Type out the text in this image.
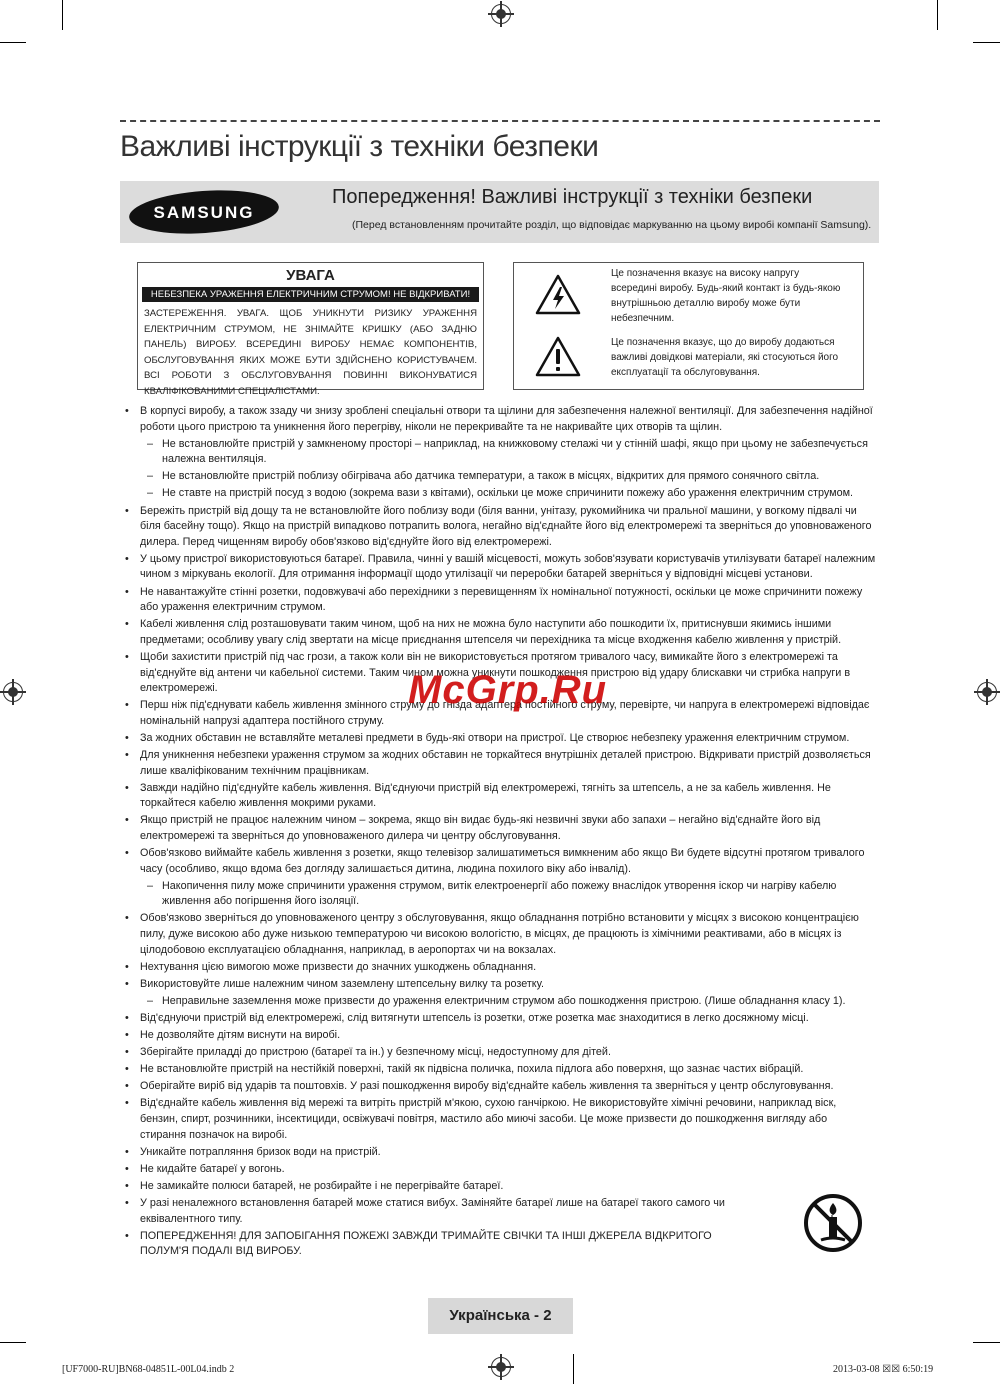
Важливі інструкції з техніки безпеки
SAMSUNG
Попередження! Важливі інструкції з техніки безпеки
(Перед встановленням прочитайте розділ, що відповідає маркуванню на цьому виробі компанії Samsung).
УВАГА
НЕБЕЗПЕКА УРАЖЕННЯ ЕЛЕКТРИЧНИМ СТРУМОМ! НЕ ВІДКРИВАТИ!
ЗАСТЕРЕЖЕННЯ. УВАГА. ЩОБ УНИКНУТИ РИЗИКУ УРАЖЕННЯ ЕЛЕКТРИЧНИМ СТРУМОМ, НЕ ЗНІМАЙТЕ КРИШКУ (АБО ЗАДНЮ ПАНЕЛЬ) ВИРОБУ. ВСЕРЕДИНІ ВИРОБУ НЕМАЄ КОМПОНЕНТІВ, ОБСЛУГОВУВАННЯ ЯКИХ МОЖЕ БУТИ ЗДІЙСНЕНО КОРИСТУВАЧЕМ. ВСІ РОБОТИ З ОБСЛУГОВУВАННЯ ПОВИННІ ВИКОНУВАТИСЯ КВАЛІФІКОВАНИМИ СПЕЦІАЛІСТАМИ.
Це позначення вказує на високу напругу всередині виробу. Будь-який контакт із будь-якою внутрішньою деталлю виробу може бути небезпечним.
Це позначення вказує, що до виробу додаються важливі довідкові матеріали, які стосуються його експлуатації та обслуговування.
• В корпусі виробу, а також ззаду чи знизу зроблені спеціальні отвори та щілини для забезпечення належної вентиляції. Для забезпечення надійної роботи цього пристрою та уникнення його перегріву, ніколи не перекривайте та не накривайте цих отворів та щілин.
– Не встановлюйте пристрій у замкненому просторі – наприклад, на книжковому стелажі чи у стінній шафі, якщо при цьому не забезпечується належна вентиляція.
– Не встановлюйте пристрій поблизу обігрівача або датчика температури, а також в місцях, відкритих для прямого сонячного світла.
– Не ставте на пристрій посуд з водою (зокрема вази з квітами), оскільки це може спричинити пожежу або ураження електричним струмом.
• Бережіть пристрій від дощу та не встановлюйте його поблизу води (біля ванни, унітазу, рукомийника чи пральної машини, у вогкому підвалі чи біля басейну тощо). Якщо на пристрій випадково потрапить волога, негайно від'єднайте його від електромережі та зверніться до уповноваженого дилера. Перед чищенням виробу обов'язково від'єднуйте його від електромережі.
• У цьому пристрої використовуються батареї. Правила, чинні у вашій місцевості, можуть зобов'язувати користувачів утилізувати батареї належним чином з міркувань екології. Для отримання інформації щодо утилізації чи переробки батарей зверніться у відповідні місцеві установи.
• Не навантажуйте стінні розетки, подовжувачі або перехідники з перевищенням їх номінальної потужності, оскільки це може спричинити пожежу або ураження електричним струмом.
• Кабелі живлення слід розташовувати таким чином, щоб на них не можна було наступити або пошкодити їх, притиснувши якимись іншими предметами; особливу увагу слід звертати на місце приєднання штепселя чи перехідника та місце входження кабелю живлення у пристрій.
• Щоби захистити пристрій під час грози, а також коли він не використовується протягом тривалого часу, вимикайте його з електромережі та від'єднуйте від антени чи кабельної системи. Таким чином можна уникнути пошкодження пристрою від удару блискавки чи стрибка напруги в електромережі.
• Перш ніж під'єднувати кабель живлення змінного струму до гнізда адаптера постійного струму, перевірте, чи напруга в електромережі відповідає номінальній напрузі адаптера постійного струму.
• За жодних обставин не вставляйте металеві предмети в будь-які отвори на пристрої. Це створює небезпеку ураження електричним струмом.
• Для уникнення небезпеки ураження струмом за жодних обставин не торкайтеся внутрішніх деталей пристрою. Відкривати пристрій дозволяється лише кваліфікованим технічним працівникам.
• Завжди надійно під'єднуйте кабель живлення. Від'єднуючи пристрій від електромережі, тягніть за штепсель, а не за кабель живлення. Не торкайтеся кабелю живлення мокрими руками.
• Якщо пристрій не працює належним чином – зокрема, якщо він видає будь-які незвичні звуки або запахи – негайно від'єднайте його від електромережі та зверніться до уповноваженого дилера чи центру обслуговування.
• Обов'язково виймайте кабель живлення з розетки, якщо телевізор залишатиметься вимкненим або якщо Ви будете відсутні протягом тривалого часу (особливо, якщо вдома без догляду залишається дитина, людина похилого віку або інвалід).
– Накопичення пилу може спричинити ураження струмом, витік електроенергії або пожежу внаслідок утворення іскор чи нагріву кабелю живлення або погіршення його ізоляції.
• Обов'язково зверніться до уповноваженого центру з обслуговування, якщо обладнання потрібно встановити у місцях з високою концентрацією пилу, дуже високою або дуже низькою температурою чи високою вологістю, в місцях, де працюють із хімічними реактивами, або в місцях із цілодобовою експлуатацією обладнання, наприклад, в аеропортах чи на вокзалах.
• Нехтування цією вимогою може призвести до значних ушкоджень обладнання.
• Використовуйте лише належним чином заземлену штепсельну вилку та розетку.
– Неправильне заземлення може призвести до ураження електричним струмом або пошкодження пристрою. (Лише обладнання класу 1).
• Від'єднуючи пристрій від електромережі, слід витягнути штепсель із розетки, отже розетка має знаходитися в легко досяжному місці.
• Не дозволяйте дітям виснути на виробі.
• Зберігайте приладді до пристрою (батареї та ін.) у безпечному місці, недоступному для дітей.
• Не встановлюйте пристрій на нестійкій поверхні, такій як підвісна поличка, похила підлога або поверхня, що зазнає частих вібрацій.
• Оберігайте виріб від ударів та поштовхів. У разі пошкодження виробу від'єднайте кабель живлення та зверніться у центр обслуговування.
• Від'єднайте кабель живлення від мережі та витріть пристрій м'якою, сухою ганчіркою. Не використовуйте хімічні речовини, наприклад віск, бензин, спирт, розчинники, інсектициди, освіжувачі повітря, мастило або миючі засоби. Це може призвести до пошкодження вигляду або стирання позначок на виробі.
• Уникайте потрапляння бризок води на пристрій.
• Не кидайте батареї у вогонь.
• Не замикайте полюси батарей, не розбирайте і не перегрівайте батареї.
• У разі неналежного встановлення батарей може статися вибух. Заміняйте батареї лише на батареї такого самого чи еквівалентного типу.
• ПОПЕРЕДЖЕННЯ! ДЛЯ ЗАПОБІГАННЯ ПОЖЕЖІ ЗАВЖДИ ТРИМАЙТЕ СВІЧКИ ТА ІНШІ ДЖЕРЕЛА ВІДКРИТОГО ПОЛУМ'Я ПОДАЛІ ВІД ВИРОБУ.
McGrp.Ru
Українська - 2
[UF7000-RU]BN68-04851L-00L04.indb 2	2013-03-08 ☒☒ 6:50:19
